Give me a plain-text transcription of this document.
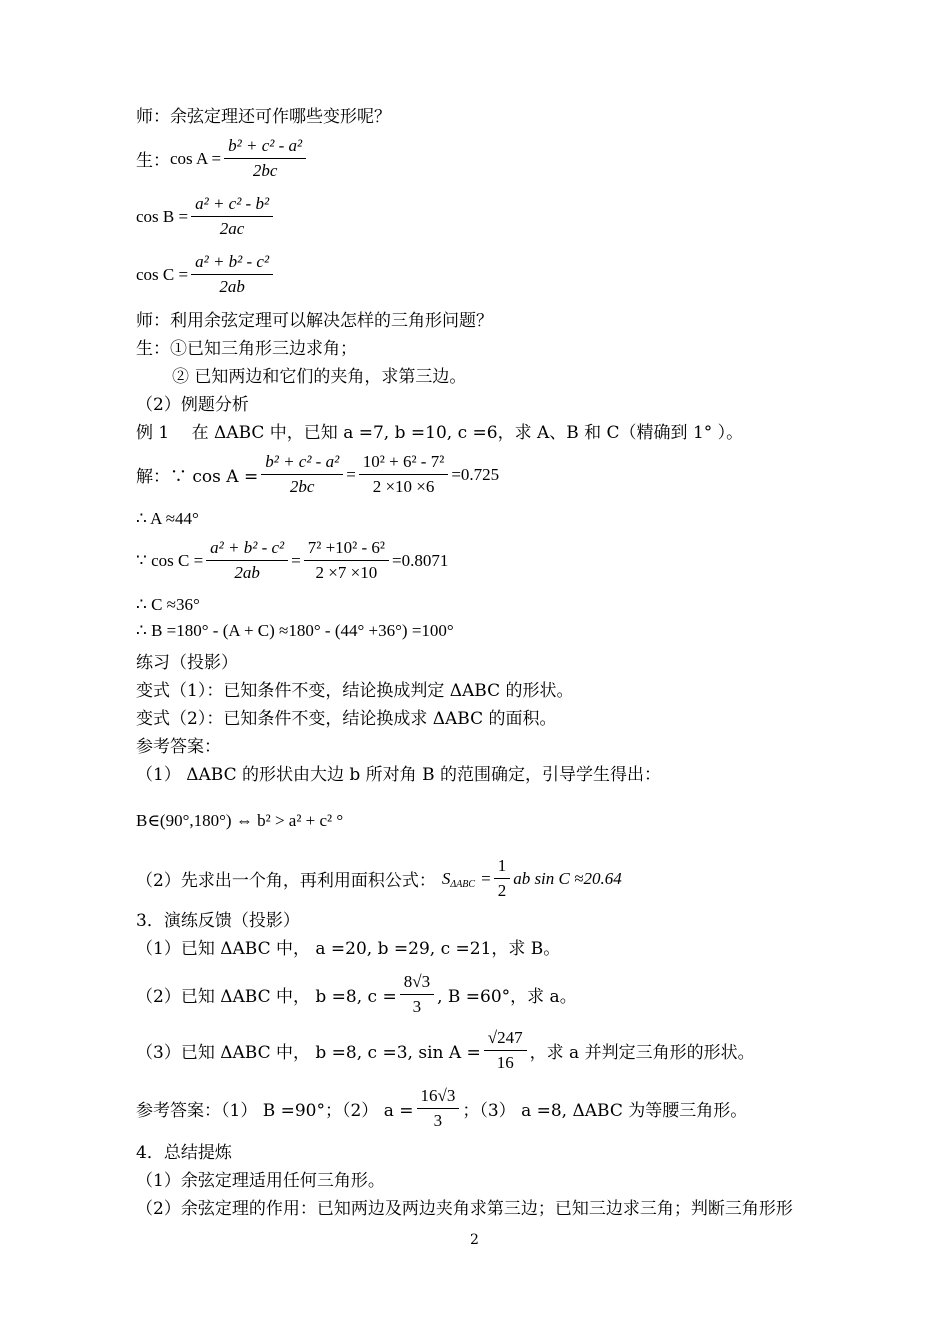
师：余弦定理还可作哪些变形呢？
生： $\cos A = \frac{\text{b² + c² - a²}}{2bc}$
$\cos B = \frac{\text{a² + c² - b²}}{2ac}$
$\cos C = \frac{\text{a² + b² - c²}}{2ab}$
师：利用余弦定理可以解决怎样的三角形问题？
生：①已知三角形三边求角；
② 已知两边和它们的夹角，求第三边。
（2）例题分析
例 1　 在 ΔABC 中，已知 a =7, b =10, c =6，求 A、B 和 C（精确到 1° ）。
解：∵ $\cos A = \frac{\text{b² + c² - a²}}{2bc} = \frac{\text{10² + 6² - 7²}}{2 \times 10 \times 6} =0.725$
∴ A ≈44°
∵ $\cos C = \frac{\text{a² + b² - c²}}{2ab} = \frac{\text{7² +10² - 6²}}{2 \times 7 \times 10} =0.8071$
∴ C ≈36°
∴ B =180° - (A + C) ≈180° - (44° +36°) =100°
练习（投影）
变式（1）：已知条件不变，结论换成判定 ΔABC 的形状。
变式（2）：已知条件不变，结论换成求 ΔABC 的面积。
参考答案：
（1） ΔABC 的形状由大边 b 所对角 B 的范围确定，引导学生得出：
B∈(90°,180°) ⇔ b² > a² + c² °
（2）先求出一个角，再利用面积公式： S $\Delta ABC = \frac{1}{2}$ ab sin C ≈20.64
3．演练反馈（投影）
（1）已知 ΔABC 中， a =20, b =29, c =21，求 B。
（2）已知 ΔABC 中， b =8, $c = \frac{8√3}{3}$ , B =60°，求 a。
（3）已知 ΔABC 中， b =8, c =3, $\sin A = \frac{√247}{16}$ ，求 a 并判定三角形的形状。
参考答案：（1） B =90°；（2） $a = \frac{16√3}{3}$ ；（3） a =8, ΔABC 为等腰三角形。
4．总结提炼
（1）余弦定理适用任何三角形。
（2）余弦定理的作用：已知两边及两边夹角求第三边；已知三边求三角；判断三角形形
2
